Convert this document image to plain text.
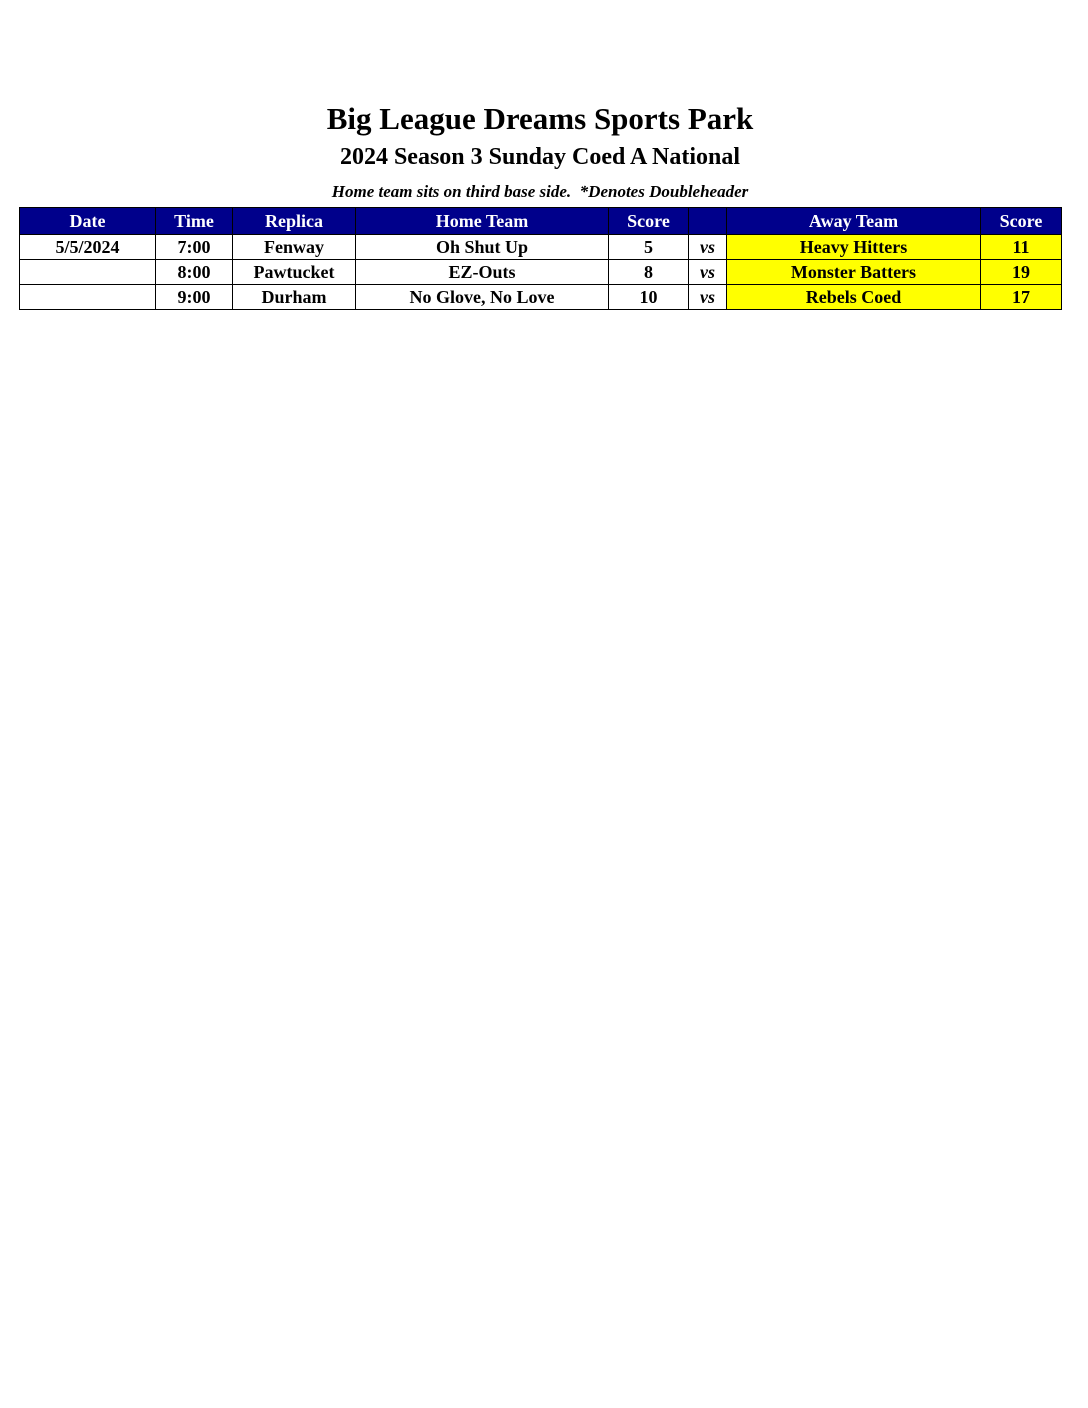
Big League Dreams Sports Park
2024 Season 3 Sunday Coed A National
Home team sits on third base side.  *Denotes Doubleheader
Date	Time	Replica	Home Team	Score		Away Team	Score
5/5/2024	7:00	Fenway	Oh Shut Up	5	vs	Heavy Hitters	11
	8:00	Pawtucket	EZ-Outs	8	vs	Monster Batters	19
	9:00	Durham	No Glove, No Love	10	vs	Rebels Coed	17
